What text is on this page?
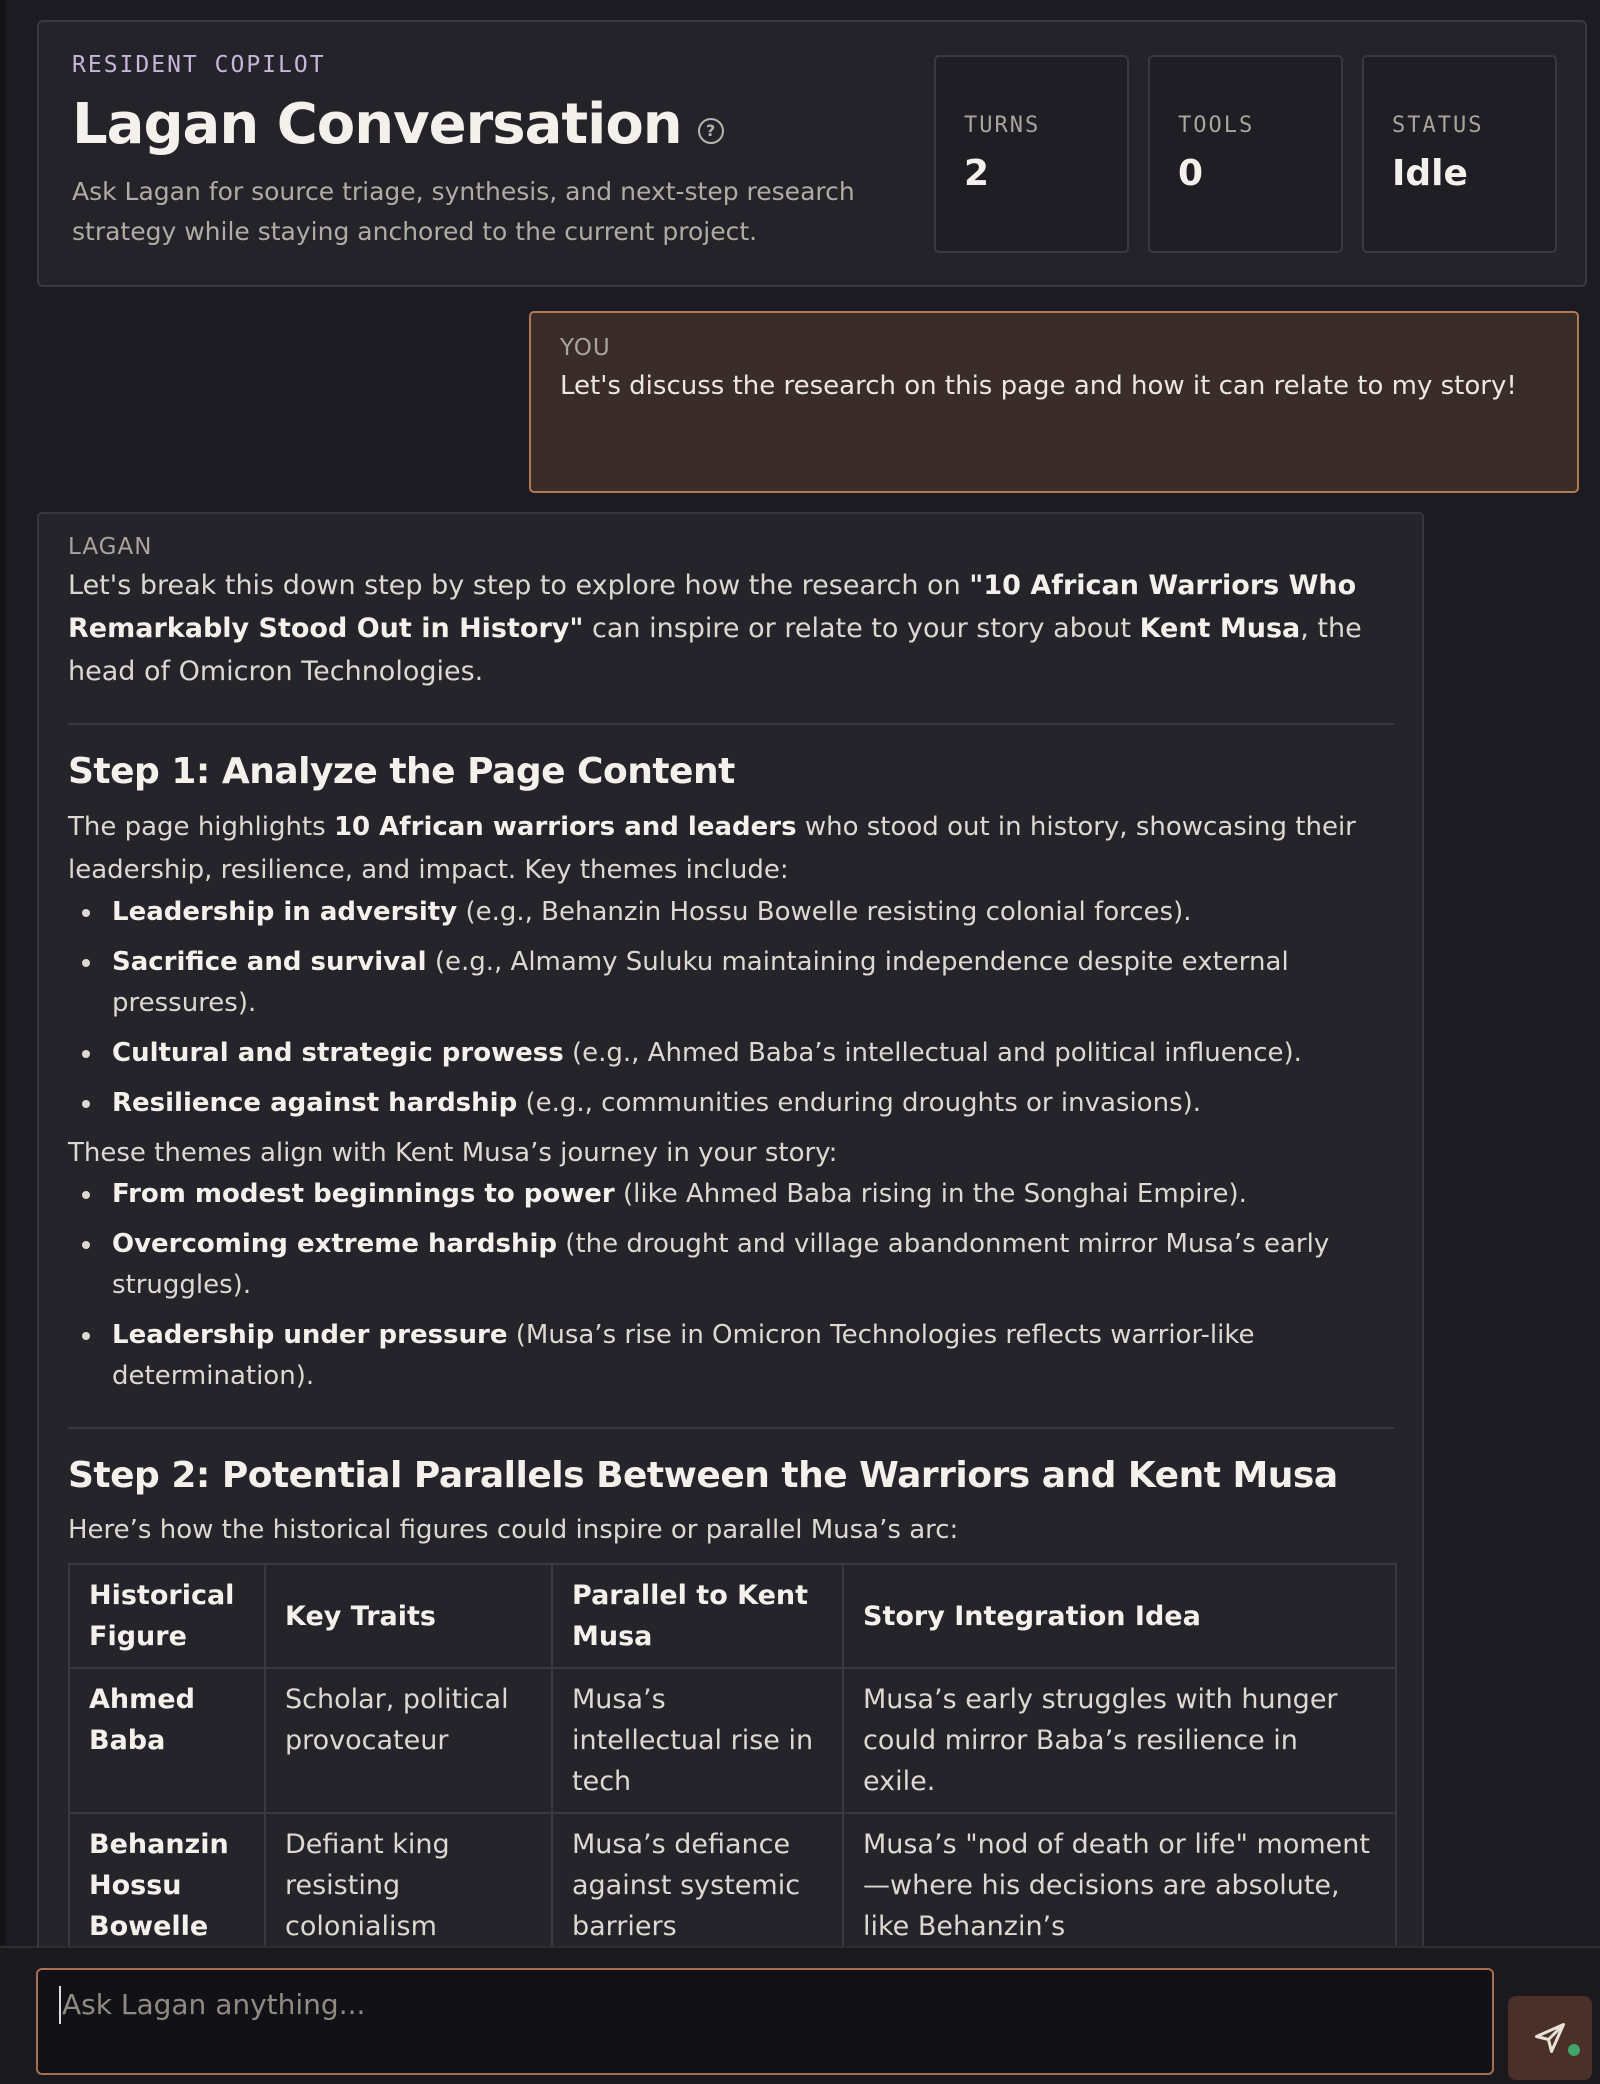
RESIDENT COPILOT
Lagan Conversation	?
Ask Lagan for source triage, synthesis, and next-step research strategy while staying anchored to the current project.
TURNS
2
TOOLS
0
STATUS
Idle
YOU
Let's discuss the research on this page and how it can relate to my story!
LAGAN

Let's break this down step by step to explore how the research on "10 African Warriors Who Remarkably Stood Out in History" can inspire or relate to your story about Kent Musa, the head of Omicron Technologies.

Step 1: Analyze the Page Content

The page highlights 10 African warriors and leaders who stood out in history, showcasing their leadership, resilience, and impact. Key themes include:

Leadership in adversity (e.g., Behanzin Hossu Bowelle resisting colonial forces).
Sacrifice and survival (e.g., Almamy Suluku maintaining independence despite external pressures).
Cultural and strategic prowess (e.g., Ahmed Baba’s intellectual and political influence).
Resilience against hardship (e.g., communities enduring droughts or invasions).

These themes align with Kent Musa’s journey in your story:

From modest beginnings to power (like Ahmed Baba rising in the Songhai Empire).
Overcoming extreme hardship (the drought and village abandonment mirror Musa’s early struggles).
Leadership under pressure (Musa’s rise in Omicron Technologies reflects warrior-like determination).
Step 2: Potential Parallels Between the Warriors and Kent Musa

Here’s how the historical figures could inspire or parallel Musa’s arc:

Historical Figure	Key Traits	Parallel to Kent Musa	Story Integration Idea
Ahmed Baba	Scholar, political provocateur	Musa’s intellectual rise in tech	Musa’s early struggles with hunger could mirror Baba’s resilience in exile.
Behanzin Hossu Bowelle	Defiant king resisting colonialism	Musa’s defiance against systemic barriers	Musa’s "nod of death or life" moment—where his decisions are absolute, like Behanzin’s
Ask Lagan anything...
